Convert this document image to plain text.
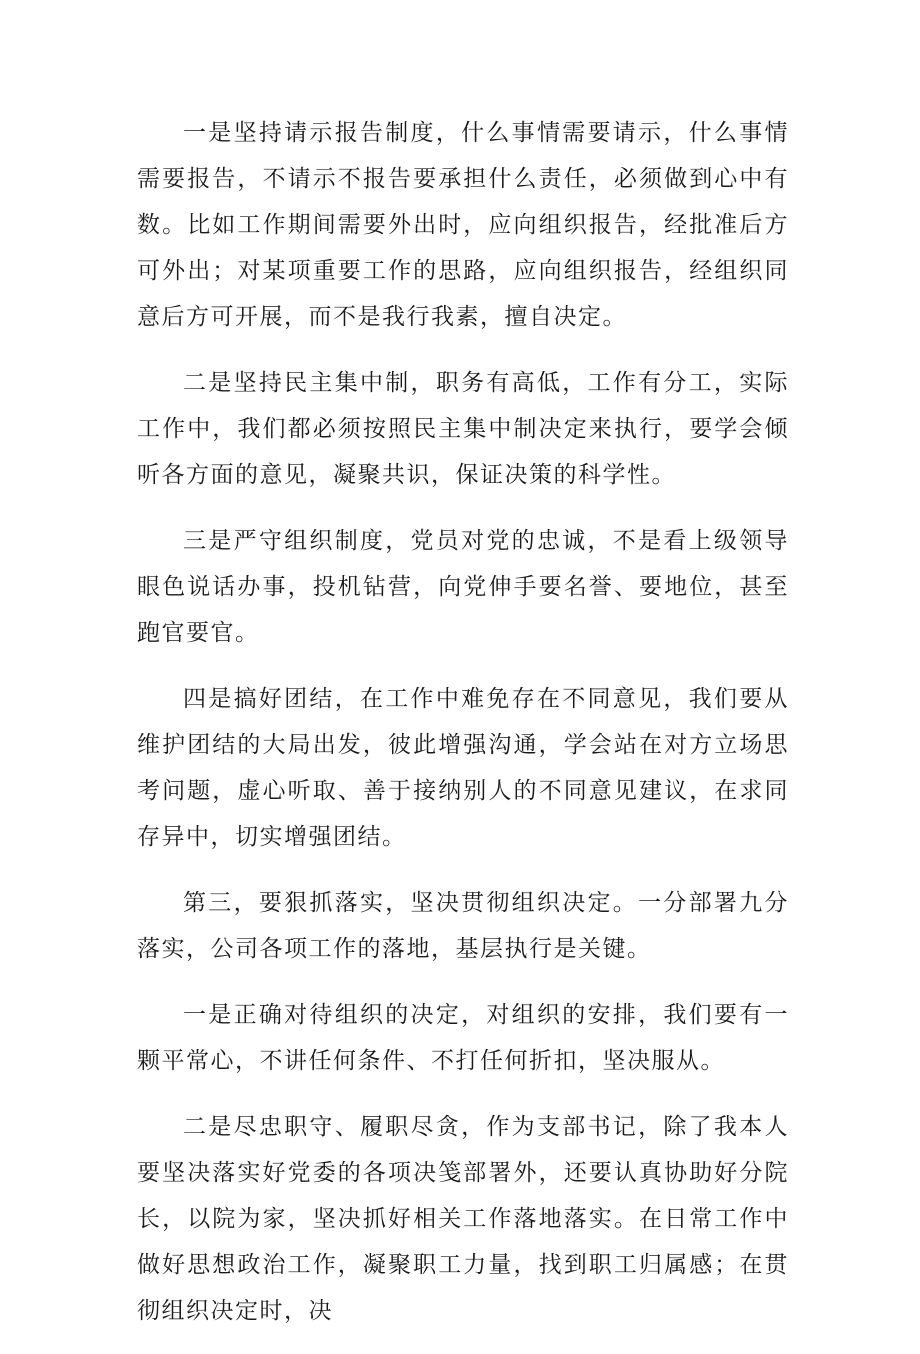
一是坚持请示报告制度，什么事情需要请示，什么事情需要报告，不请示不报告要承担什么责任，必须做到心中有数。比如工作期间需要外出时，应向组织报告，经批准后方可外出；对某项重要工作的思路，应向组织报告，经组织同意后方可开展，而不是我行我素，擅自决定。

二是坚持民主集中制，职务有高低，工作有分工，实际工作中，我们都必须按照民主集中制决定来执行，要学会倾听各方面的意见，凝聚共识，保证决策的科学性。

三是严守组织制度，党员对党的忠诚，不是看上级领导眼色说话办事，投机钻营，向党伸手要名誉、要地位，甚至跑官要官。

四是搞好团结，在工作中难免存在不同意见，我们要从维护团结的大局出发，彼此增强沟通，学会站在对方立场思考问题，虚心听取、善于接纳别人的不同意见建议，在求同存异中，切实增强团结。

第三，要狠抓落实，坚决贯彻组织决定。一分部署九分落实，公司各项工作的落地，基层执行是关键。

一是正确对待组织的决定，对组织的安排，我们要有一颗平常心，不讲任何条件、不打任何折扣，坚决服从。

二是尽忠职守、履职尽贪，作为支部书记，除了我本人要坚决落实好党委的各项决笺部署外，还要认真协助好分院长，以院为家，坚决抓好相关工作落地落实。在日常工作中做好思想政治工作，凝聚职工力量，找到职工归属感；在贯彻组织决定时，决
